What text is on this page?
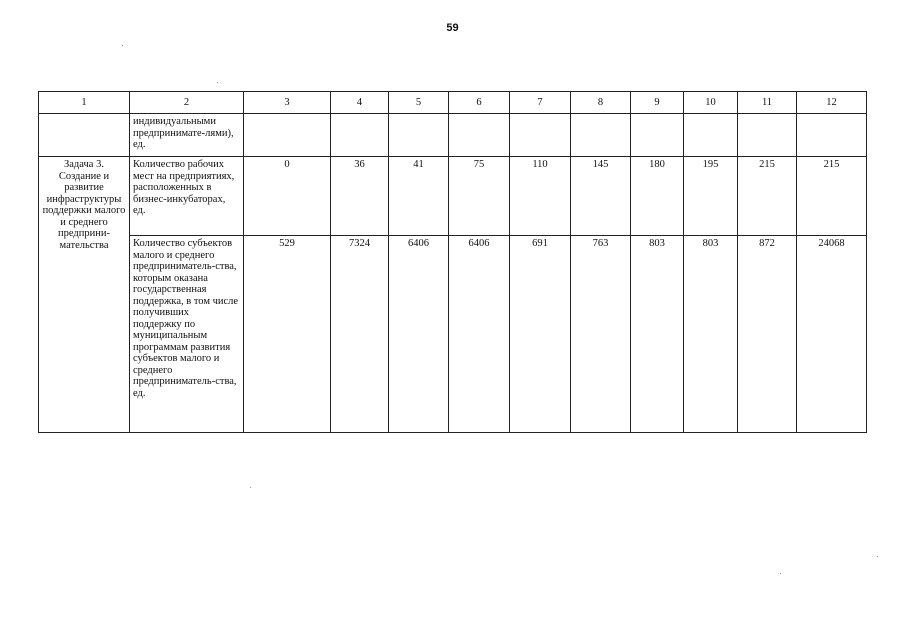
59
1	2	3	4	5	6	7	8	9	10	11	12
	индивидуальными предпринимате-лями), ед.										
Задача 3. Создание и развитие инфраструктуры поддержки малого и среднего предприни-мательства	Количество рабочих мест на предприятиях, расположенных в бизнес-инкубаторах, ед.	0	36	41	75	110	145	180	195	215	215
	Количество субъектов малого и среднего предприниматель-ства, которым оказана государственная поддержка, в том числе получивших поддержку по муниципальным программам развития субъектов малого и среднего предприниматель-ства, ед.	529	7324	6406	6406	691	763	803	803	872	24068
